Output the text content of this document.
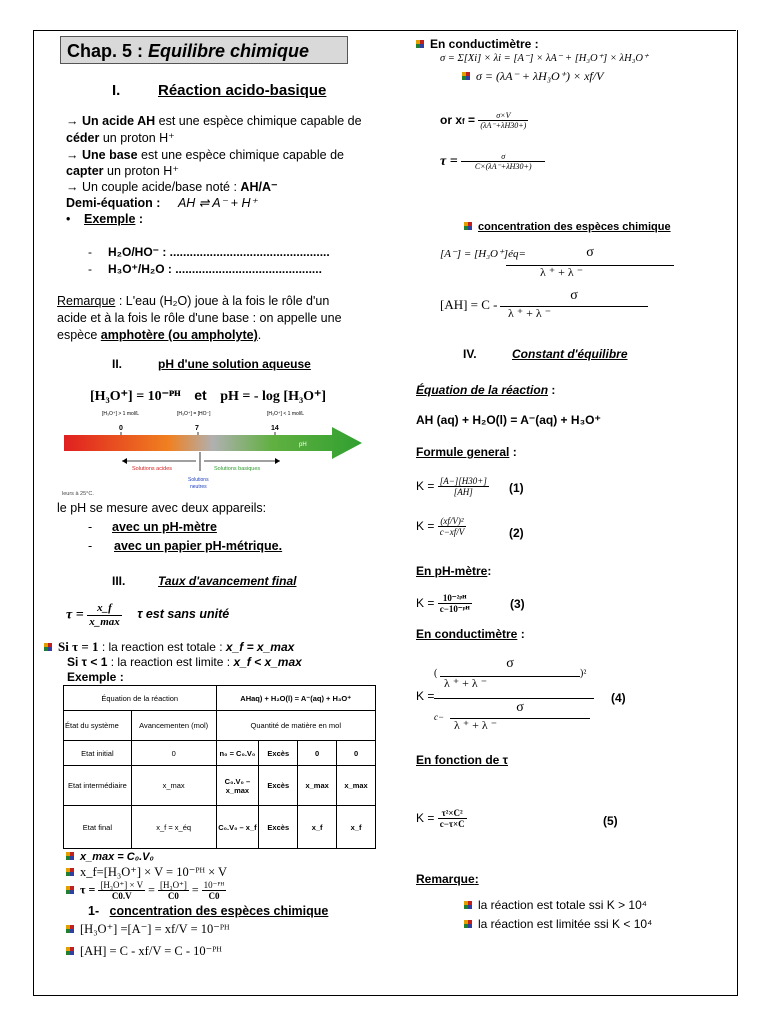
Chap. 5 : Equilibre chimique
I.	Réaction acido-basique
→ Un acide AH est une espèce chimique capable de
céder un proton H⁺
→ Une base est une espèce chimique capable de
capter un proton H⁺
→ Un couple acide/base noté : AH/A⁻
Demi-équation : AH ⇌ A⁻ + H⁺
• Exemple :
- H₂O/HO⁻ : ................................................
- H₃O⁺/H₂O : ............................................
Remarque : L'eau (H₂O) joue à la fois le rôle d'un
acide et à la fois le rôle d'une base : on appelle une
espèce amphotère (ou ampholyte).
II.	pH d'une solution aqueuse
[H₃O⁺] = 10⁻ᴾᴴ et pH = - log [H₃O⁺]
[H₃O⁺] > 1 mol/L	[H₃O⁺] = [HO⁻]	[H₃O⁺] < 1 mol/L
0	7	14
pH
Solutions acides	Solutions basiques
Solutions
neutres
leurs à 25°C.
le pH se mesure avec deux appareils:
- avec un pH-mètre
- avec un papier pH-métrique.
III.	Taux d'avancement final
$\tau = \frac{x\_f}{x\_\max}$ τ est sans unité
Si τ = 1 : la reaction est totale : x_f = x_max
Si τ < 1 : la reaction est limite : x_f < x_max
Exemple :
Équation de la réaction		AHaq) + H₂O(l) = A⁻(aq) + H₃O⁺			
État du système	Avancementen (mol)	Quantité de matière en mol			
Etat initial	0	n₀ = C₀.V₀	Excès	0	0
Etat intermédiaire	x_max	C₀.V₀ – x_max	Excès	x_max	x_max
Etat final	x_f = x_éq	C₀.V₀ – x_f	Excès	x_f	x_f
x_max = C₀.V₀
x_f=[H₃O⁺] × V = 10⁻ᴾᴴ × V
$\tau = \frac{\text{[H₃O⁺] × V}}{C0.V} = \frac{\text{[H₃O⁺]}}{C0} = \frac{\text{10⁻ᴾᴴ}}{C0}$
1- concentration des espèces chimique
[H₃O⁺] =[A⁻] = xf/V = 10⁻ᴾᴴ
[AH] = C - xf/V = C - 10⁻ᴾᴴ
En conductimètre :
σ = Σ[Xi] × λi = [A⁻] × λA⁻ + [H₃O⁺] × λH₃O⁺
σ = (λA⁻ + λH₃O⁺) × xf/V
or xf = $\frac{\sigma\times V}{(\lambda A^-+\lambda H30+)}$
$\tau = \frac{\sigma}{C\times(\lambda A^-+\lambda H30+)}$
concentration des espèces chimique
[A⁻] = [H₃O⁺]éq=	σ
λ ⁺ + λ ⁻
[AH] = C -
σ
λ ⁺ + λ ⁻
IV.	Constant d'équilibre
Équation de la réaction :
AH (aq) + H₂O(l) = A⁻(aq) + H₃O⁺
Formule general :
$K = \frac{[A-][H30+]}{[AH]} (1)$
$K = \frac{\text{(xf/V)²}}{c-xf/V}$	(2)
En pH-mètre:
$K = \frac{\text{10⁻²ᵖᴴ}}{\text{c−10⁻ᵖᴴ}}$	(3)
En conductimètre :
K =
(
σ
λ ⁺ + λ ⁻
)²
c−
σ
λ ⁺ + λ ⁻
(4)
En fonction de τ
$K = \frac{\text{τ²×C²}}{c-\tau\times C}$	(5)
Remarque:
la réaction est totale ssi K > 10⁴
la réaction est limitée ssi K < 10⁴
